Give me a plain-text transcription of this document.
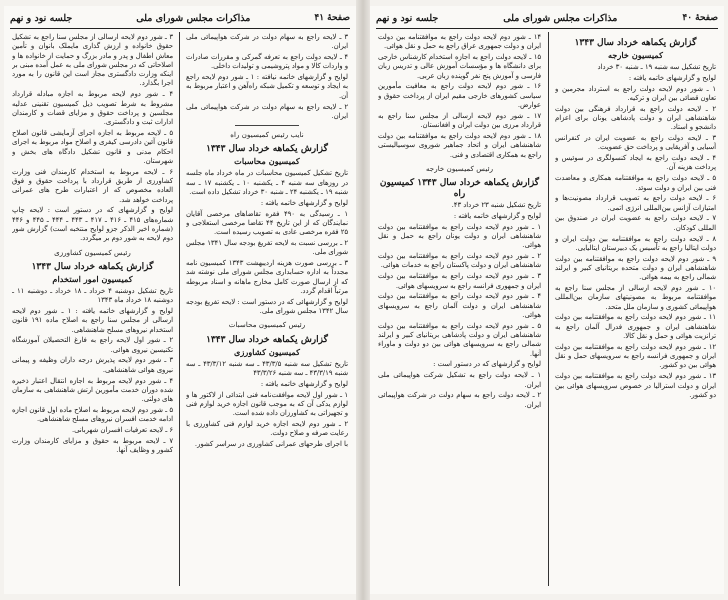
صفحهٔ ۴۱
مذاکرات مجلس شورای ملی
جلسه نود و نهم

۳ ـ لایحه راجع به سهام دولت در شرکت هواپیمائی ملی ایران.

۴ ـ لایحه دولت راجع به تعرفه گمرکی و مقررات صادرات و واردات کالا و مواد پتروشیمی و تولیدات داخلی.

لوایح و گزارشهای خاتمه نیافته : ۱ ـ شور دوم لایحه راجع به ایجاد و توسعه و تکمیل شبکه راه‌آهن و اعتبار مربوط به آن.

۲ ـ لایحه راجع به سهام دولت در شرکت هواپیمائی ملی ایران.

نایب رئیس کمیسیون راه

گزارش یکماهه خرداد سال ۱۳۴۳

کمیسیون محاسبات

تاریخ تشکیل کمیسیون محاسبات در ماه خرداد ماه جلسه در روزهای سه شنبه ۴ ـ یکشنبه ۱۰ ـ یکشنبه ۱۷ ـ سه شنبه ۱۹ ـ یکشنبه ۲۴ ـ شنبه ۳۰ خرداد تشکیل داده است.

لوایح و گزارشهای خاتمه یافته :

۱ ـ رسیدگی به ۴۹۰ فقره تقاضاهای مرخصی آقایان نمایندگان که از این تاریخ ۴۴ تقاضا مرخصی استعلاجی و ۲۵ فقره مرخصی عادی به تصویب رسیده است.

۲ ـ بررسی نسبت به لایحه تفریغ بودجه سال ۱۳۴۱ مجلس شورای ملی.

۳ ـ بررسی صورت هزینه اردیبهشت ۱۳۴۳ کمیسیون نامه مجدداً به اداره حسابداری مجلس شورای ملی نوشته شد که از ارسال صورت کامل مخارج ماهانه و اسناد مربوطه مرتباً اقدام گردد.

لوایح و گزارشهائی که در دستور است : لایحه تفریغ بودجه سال ۱۳۴۲ مجلس شورای ملی.

رئیس کمیسیون محاسبات

گزارش یکماهه خرداد سال ۱۳۴۳

کمیسیون کشاورزی

تاریخ تشکیل سه شنبه ۴۳/۳/۵ ـ سه شنبه ۴۳/۳/۱۲ ـ سه شنبه ۴۳/۳/۱۹ ـ سه شنبه ۴۳/۳/۲۶

لوایح و گزارشهای خاتمه یافته :

۱ ـ شور اول لایحه موافقت‌نامه فنی ابتدائی از لاکتور ها و لوازم یدکی آن که به موجب قانون اجازه خرید لوازم فنی و تجهیزاتی به کشاورزان داده شده است.

۲ ـ شور دوم لایحه اجازه خرید لوازم فنی کشاورزی با رعایت صرفه و صلاح دولت.

با اجرای طرحهای عمرانی کشاورزی در سراسر کشور.

۳ ـ شور دوم لایحه ارسالی از مجلس سنا راجع به تشکیل حقوق خانواده و ارزش گذاری مایملک بانوان و تأمین معاش اطفال و پدر و مادر بزرگ و حمایت از خانواده ها و اصلاحاتی که در مجلس شورای ملی به عمل آمده مبنی بر اینکه وزارت دادگستری مجاز است این قانون را به مورد اجرا بگذارد.

۴ ـ شور دوم لایحه مربوط به اجازه مبادله قرارداد مشروط به شرط تصویب ذیل کمیسیون تقنینی عدلیه مجلسین و پرداخت حقوق و مزایای قضات و کارمندان ادارات ثبت و دادگستری.

۵ ـ لایحه مربوط به اجازه اجرای آزمایشی قانون اصلاح قانون آئین دادرسی کیفری و اصلاح مواد مربوط به اجرای احکام مدنی و قانون تشکیل دادگاه های بخش و شهرستان.

۶ ـ لایحه مربوط به استخدام کارمندان فنی وزارت کشاورزی از طریق قرارداد با پرداخت حقوق و فوق العاده مخصوص که از اعتبارات طرح های عمرانی پرداخت خواهد شد.

لوایح و گزارشهای که در دستور است : لایحه چاپ شماره‌های ۴۱۵ ـ ۴۱۶ ـ ۴۱۷ ـ ۴۴۳ ـ ۴۴۴ ـ ۴۴۵ و ۴۴۶ (شماره اخیر الذکر جزو لوایح منتخبه است) گزارش شور دوم لایحه به شور دوم بر میگردد.

رئیس کمیسیون کشاورزی

گزارش یکماهه خرداد سال ۱۳۴۳

کمیسیون امور استخدام

تاریخ تشکیل دوشنبه ۴ خرداد ـ ۱۸ خرداد ـ دوشنبه ۱۱ ـ دوشنبه ۱۸ خرداد ماه ۱۳۴۳

لوایح و گزارشهای خاتمه یافته : ۱ ـ شور دوم لایحه ارسالی از مجلس سنا راجع به اصلاح ماده ۱۹۱ قانون استخدام نیروهای مسلح شاهنشاهی.

۲ ـ شور اول لایحه راجع به فارغ التحصیلان آموزشگاه تکنیسین نیروی هوائی.

۳ ـ شور دوم لایحه پذیرش درجه داران وظیفه و پیمانی نیروی هوائی شاهنشاهی.

۴ ـ شور دوم لایحه مربوط به اجازه انتقال اعتبار ذخیره شده دوران خدمت مأمورین ارتش شاهنشاهی به سازمان های دولتی.

۵ ـ شور دوم لایحه مربوط به اصلاح ماده اول قانون اجازه ادامه خدمت افسران نیروهای مسلح شاهنشاهی.

۶ ـ لایحه تعرفیات افسران شهربانی.

۷ ـ لایحه مربوط به حقوق و مزایای کارمندان وزارت کشور و وظایف آنها.

صفحهٔ ۴۰
مذاکرات مجلس شورای ملی
جلسه نود و نهم

گزارش یکماهه خرداد سال ۱۳۴۳

کمیسیون خارجه

تاریخ تشکیل سه شنبه ۱۹ ـ شنبه ۳۰ خرداد

لوایح و گزارشهای خاتمه یافته :

۱ ـ شور دوم لایحه دولت راجع به استرداد مجرمین و تعاون قضائی بین ایران و ترکیه.

۲ ـ لایحه دولت راجع به قرارداد فرهنگی بین دولت شاهنشاهی ایران و دولت پادشاهی یونان برای اعزام دانشجو و استاد.

۳ ـ لایحه دولت راجع به عضویت ایران در کنفرانس آسیایی و آفریقایی و پرداخت حق عضویت.

۴ ـ لایحه دولت راجع به ایجاد کنسولگری در سوئیس و پرداخت هزینه آن.

۵ ـ لایحه دولت راجع به موافقتنامه همکاری و معاضدت فنی بین ایران و دولت سوئد.

۶ ـ لایحه دولت راجع به تصویب قرارداد مصونیت‌ها و امتیازات آژانس بین‌المللی انرژی اتمی.

۷ ـ لایحه دولت راجع به عضویت ایران در صندوق بین المللی کودکان.

۸ ـ لایحه دولت راجع به موافقتنامه بین دولت ایران و دولت ایتالیا راجع به تأسیس یک دبیرستان ایتالیایی.

۹ ـ شور دوم لایحه دولت راجع به موافقتنامه بین دولت شاهنشاهی ایران و دولت متحده بریتانیای کبیر و ایرلند شمالی راجع به بیمه هوائی.

۱۰ ـ شور دوم لایحه ارسالی از مجلس سنا راجع به موافقتنامه مربوط به مصونیتهای سازمان بین‌المللی هواپیمائی کشوری و سازمان ملل متحد.

۱۱ ـ شور دوم لایحه دولت راجع به موافقتنامه بین دولت شاهنشاهی ایران و جمهوری فدرال آلمان راجع به ترانزیت هوائی و حمل و نقل کالا.

۱۲ ـ شور دوم لایحه دولت راجع به موافقتنامه بین دولت ایران و جمهوری فرانسه راجع به سرویسهای حمل و نقل هوائی بین دو کشور.

۱۳ ـ شور دوم لایحه دولت راجع به موافقتنامه بین دولت ایران و دولت استرالیا در خصوص سرویسهای هوائی بین دو کشور.

۱۴ ـ شور دوم لایحه دولت راجع به موافقتنامه بین دولت ایران و دولت جمهوری عراق راجع به حمل و نقل هوائی.

۱۵ ـ لایحه دولت راجع به اجازه استخدام کارشناس خارجی برای دانشگاه ها و مؤسسات آموزش عالی و تدریس زبان فارسی و آموزش پنج نفر گوینده زبان عربی.

۱۶ ـ شور دوم لایحه دولت راجع به معافیت مأمورین سیاسی کشورهای خارجی مقیم ایران از پرداخت حقوق و عوارض.

۱۷ ـ شور دوم لایحه ارسالی از مجلس سنا راجع به قرارداد مرزی بین دولت ایران و افغانستان.

۱۸ ـ شور دوم لایحه دولت راجع به موافقتنامه بین دولت شاهنشاهی ایران و اتحاد جماهیر شوروی سوسیالیستی راجع به همکاری اقتصادی و فنی.

رئیس کمیسیون خارجه

گزارش یکماهه خرداد سال ۱۳۴۳ کمیسیون راه

تاریخ تشکیل شنبه ۲۳ خرداد ۴۳.

لوایح و گزارشهای خاتمه یافته :

۱ ـ شور دوم لایحه دولت راجع به موافقتنامه بین دولت شاهنشاهی ایران و دولت یونان راجع به حمل و نقل هوائی.

۲ ـ شور دوم لایحه دولت راجع به موافقتنامه بین دولت شاهنشاهی ایران و دولت پاکستان راجع به خدمات هوائی.

۳ ـ شور دوم لایحه دولت راجع به موافقتنامه بین دولت ایران و جمهوری فرانسه راجع به سرویسهای هوائی.

۴ ـ شور دوم لایحه دولت راجع به موافقتنامه بین دولت شاهنشاهی ایران و دولت آلمان راجع به سرویسهای هوائی.

۵ ـ شور دوم لایحه دولت راجع به موافقتنامه بین دولت شاهنشاهی ایران و دولت پادشاهی بریتانیای کبیر و ایرلند شمالی راجع به سرویسهای هوائی بین دو دولت و ماوراء آنها.

لوایح و گزارشهای که در دستور است :

۱ ـ لایحه دولت راجع به تشکیل شرکت هواپیمائی ملی ایران.

۲ ـ لایحه دولت راجع به سهام دولت در شرکت هواپیمائی ایران.
